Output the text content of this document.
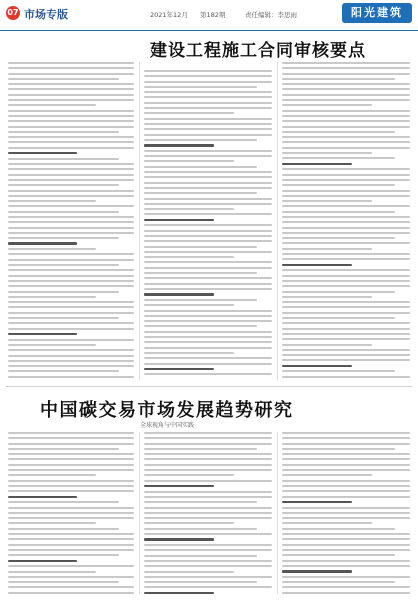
07 市场专版	2021年12月 第182期	责任编辑：李思雨	阳光建筑
建设工程施工合同审核要点
中国碳交易市场发展趋势研究
全球视角与中国实践
